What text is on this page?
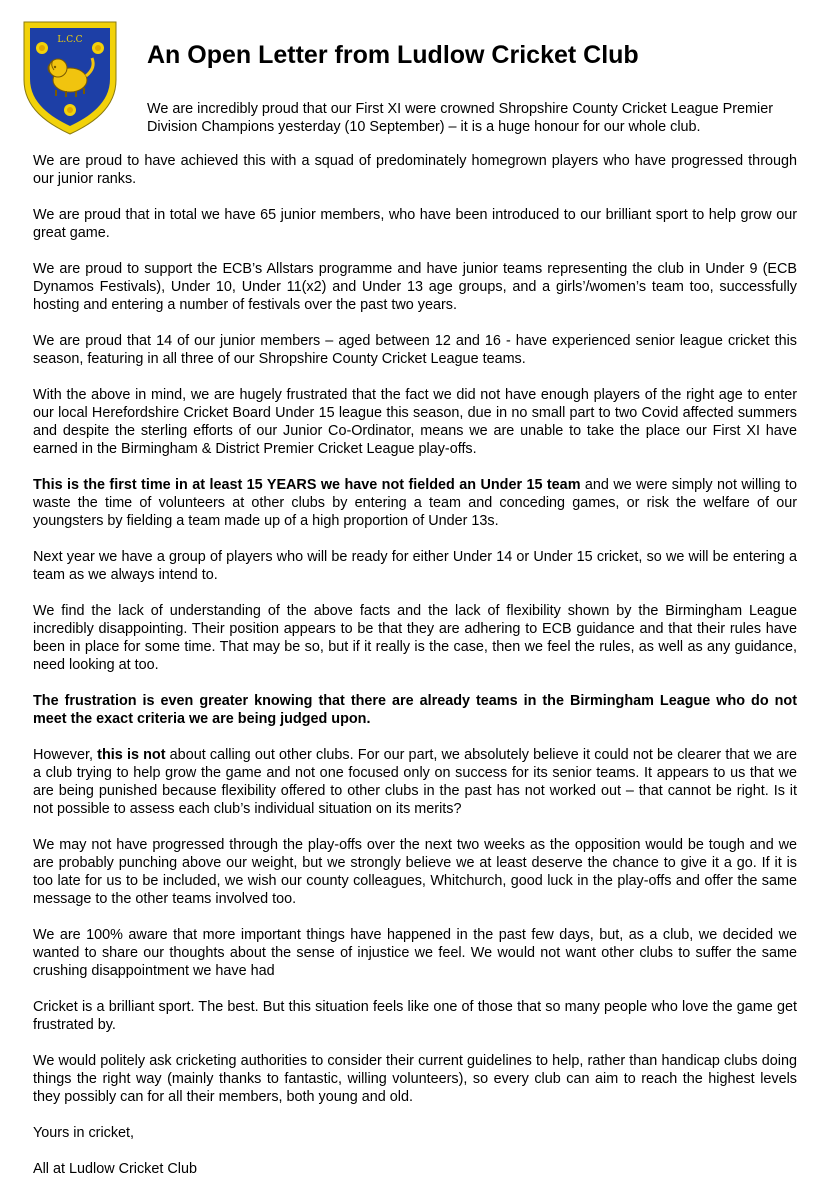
L.C.C
An Open Letter from Ludlow Cricket Club

We are incredibly proud that our First XI were crowned Shropshire County Cricket League Premier Division Champions yesterday (10 September) – it is a huge honour for our whole club.

We are proud to have achieved this with a squad of predominately homegrown players who have progressed through our junior ranks.

We are proud that in total we have 65 junior members, who have been introduced to our brilliant sport to help grow our great game.

We are proud to support the ECB’s Allstars programme and have junior teams representing the club in Under 9 (ECB Dynamos Festivals), Under 10, Under 11(x2) and Under 13 age groups, and a girls’/women’s team too, successfully hosting and entering a number of festivals over the past two years.

We are proud that 14 of our junior members – aged between 12 and 16 - have experienced senior league cricket this season, featuring in all three of our Shropshire County Cricket League teams.

With the above in mind, we are hugely frustrated that the fact we did not have enough players of the right age to enter our local Herefordshire Cricket Board Under 15 league this season, due in no small part to two Covid affected summers and despite the sterling efforts of our Junior Co-Ordinator, means we are unable to take the place our First XI have earned in the Birmingham & District Premier Cricket League play-offs.

This is the first time in at least 15 YEARS we have not fielded an Under 15 team and we were simply not willing to waste the time of volunteers at other clubs by entering a team and conceding games, or risk the welfare of our youngsters by fielding a team made up of a high proportion of Under 13s.

Next year we have a group of players who will be ready for either Under 14 or Under 15 cricket, so we will be entering a team as we always intend to.

We find the lack of understanding of the above facts and the lack of flexibility shown by the Birmingham League incredibly disappointing. Their position appears to be that they are adhering to ECB guidance and that their rules have been in place for some time. That may be so, but if it really is the case, then we feel the rules, as well as any guidance, need looking at too.

The frustration is even greater knowing that there are already teams in the Birmingham League who do not meet the exact criteria we are being judged upon.

However, this is not about calling out other clubs. For our part, we absolutely believe it could not be clearer that we are a club trying to help grow the game and not one focused only on success for its senior teams. It appears to us that we are being punished because flexibility offered to other clubs in the past has not worked out – that cannot be right. Is it not possible to assess each club’s individual situation on its merits?

We may not have progressed through the play-offs over the next two weeks as the opposition would be tough and we are probably punching above our weight, but we strongly believe we at least deserve the chance to give it a go. If it is too late for us to be included, we wish our county colleagues, Whitchurch, good luck in the play-offs and offer the same message to the other teams involved too.

We are 100% aware that more important things have happened in the past few days, but, as a club, we decided we wanted to share our thoughts about the sense of injustice we feel. We would not want other clubs to suffer the same crushing disappointment we have had

Cricket is a brilliant sport. The best. But this situation feels like one of those that so many people who love the game get frustrated by.

We would politely ask cricketing authorities to consider their current guidelines to help, rather than handicap clubs doing things the right way (mainly thanks to fantastic, willing volunteers), so every club can aim to reach the highest levels they possibly can for all their members, both young and old.

Yours in cricket,

All at Ludlow Cricket Club
